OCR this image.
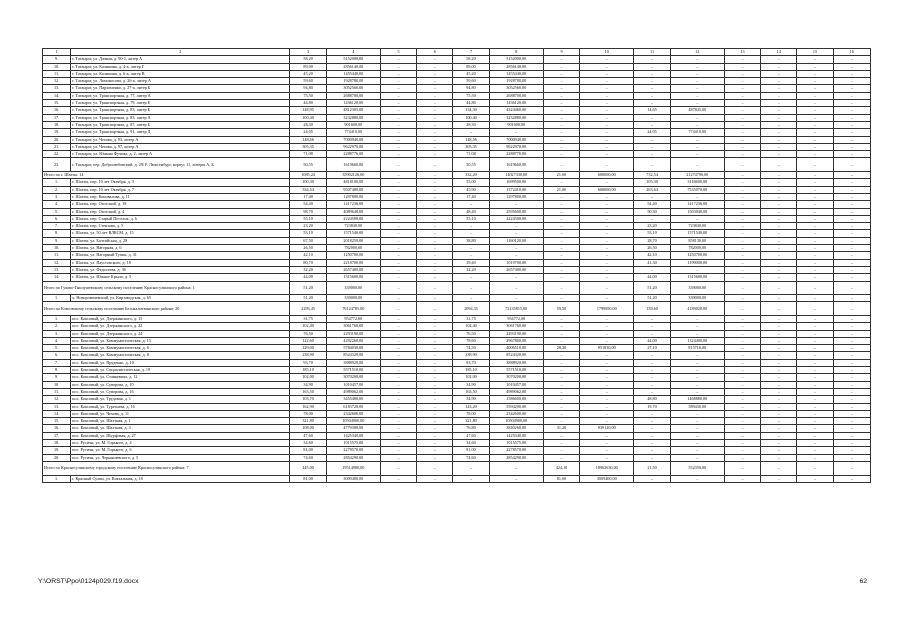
1	2	3	4	5	6	7	8	9	10	11	12	13	14	15	16
9.	г. Таганрог, ул. Дачная, д. 90-1, литер А	58,20	5152000,00	–	–	58,20	5152000,00	–	–	–	–	–	–	–	–
10.	г. Таганрог, ул. Калинина, д. 4-а, литер Г	89,00	2856140,00	–	–	89,00	2856140,00	–	–	–	–	–	–	–	–
11.	г. Таганрог, ул. Калинина, д. 6-а, литер В	45,20	1455440,00	–	–	45,20	1455440,00	–	–	–	–	–	–	–	–
12.	г. Таганрог, ул. Ломоносова, д. 26-а, литер А	59,60	1928780,00	–	–	59,60	1928780,00	–	–	–	–	–	–	–	–
13.	г. Таганрог, ул. Пархоменко, д. 27-а, литер Б	94,80	3052560,00	–	–	94,80	3052560,00	–	–	–	–	–	–	–	–
14.	г. Таганрог, ул. Транспортная, д. 77, литер А	75,50	2688700,00	–	–	75,50	2688700,00	–	–	–	–	–	–	–	–
15.	г. Таганрог, ул. Транспортная, д. 79, литер Е	44,80	1436120,00	–	–	44,80	1436120,00	–	–	–	–	–	–	–	–
16.	г. Таганрог, ул. Транспортная, д. 83, литер Б	148,95	4812305,00	–	–	134,30	4324460,00	–	–	14,65	487845,00	–	–	–	–
17.	г. Таганрог, ул. Транспортная, д. 83, литер А	100,40	3232880,00	–	–	100,40	3232880,00	–	–	–	–	–	–	–	–
18.	г. Таганрог, ул. Транспортная, д. 87, литер Б	28,30	901600,00	–	–	28,30	901600,00	–	–	–	–	–	–	–	–
19.	г. Таганрог, ул. Транспортная, д. 91, литер Д	24,05	774410,00	–	–	–	–	–	–	24,05	774410,00	–	–	–	–
20.	г. Таганрог, ул. Чехова, д. 93, литер А	148,56	7000940,00	–	–	148,56	7000940,00	–	–	–	–	–	–	–	–
21.	г. Таганрог, ул. Чехова, д. 97, литер А	305,35	9622970,00	–	–	305,35	9622970,00	–	–	–	–	–	–	–	–
22.	г. Таганрог, ул. Юнына Фучика, д. 2, литер А	71,08	2288776,00	–	–	71,08	2288776,00	–	–	–	–	–	–	–	–
23.	г. Таганрог, пер. Добролюбовский, д. 29/ Р. Люксембург, корпус 11, литеры А, Б	50,55	1619660,00	–	–	50,55	1619660,00	–	–	–	–	–	–	–	–
Итого по г. Шахты: 14		1085,24	35902126,00	–	–	332,20	14027330,00	21,00	600000,00	732,54	21274796,00	–	–	–	–
1.	г. Шахты, пер. 10 лет Октября, д. 3	100,30	4818100,00	–	–	55,00	1699500,00	–	–	105,30	3118600,00	–	–	–	–
2.	г. Шахты, пер. 10 лет Октября, д. 7	334,54	9507480,00	–	–	45,90	1372410,00	21,00	600000,00	263,64	7535070,00	–	–	–	–
3.	г. Шахты, пер. Коновалова, д. 11	17,40	1297800,00	–	–	17,40	1297800,00	–	–	–	–	–	–	–	–
4.	г. Шахты, пер. Охотский, д. 18	54,40	1417236,00	–	–	–	–	–	–	54,40	1417236,00	–	–	–	–
5.	г. Шахты, пер. Охотский, д. 4	98,70	4089640,00	–	–	48,40	2595600,00	–	–	50,30	1503040,00	–	–	–	–
6.	г. Шахты, пер. Старый Поселок, д. 6	55,10	2224500,00	–	–	55,10	2224500,00	–	–	–	–	–	–	–	–
7.	г. Шахты, пер. Стензова, д. 5	23,20	723840,00	–	–	–	–	–	–	23,20	723840,00	–	–	–	–
8.	г. Шахты, ул. 50 лет ВЛКСМ, д. 15	53,10	1571540,00	–	–	–	–	–	–	53,10	1571540,00	–	–	–	–
9.	г. Шахты, ул. Балтийская, д. 28	67,50	2018250,00	–	–	38,80	1160120,00	–	–	28,70	858130,00	–	–	–	–
10.	г. Шахты, ул. Нагорная, д. 6	26,50	782000,00	–	–	–	–	–	–	26,50	782000,00	–	–	–	–
11.	г. Шахты, ул. Нагорный Тупик, д. 31	42,10	1250700,00	–	–	–	–	–	–	42,10	1250700,00	–	–	–	–
12.	г. Шахты, ул. Паустовского, д. 18	80,70	2218700,00	–	–	39,40	1019700,00	–	–	41,30	1199000,00	–	–	–	–
13.	г. Шахты, ул. Федосеева, д. 36	32,20	2657400,00	–	–	32,20	2657400,00	–	–	–	–	–	–	–	–
14.	г. Шахты, ул. Южное Крыло, д. 5	44,00	1315600,00	–	–	–	–	–	–	44,00	1315600,00	–	–	–	–
Итого по Гуково-Гнилушевскому сельскому поселению Красносулинского района: 1		51,20	339000,00	–	–	–	–	–	–	51,20	339000,00	–	–	–	–
1.	х. Новоровеневский, ул. Кирзаводская, д. 65	51,20	339000,00	–	–	–	–	–	–	51,20	339000,00	–	–	–	–
Итого по Ковсовскому сельскому поселению Белокалитвинского района: 20		2293,45	76124785,00	–	–	2094,35	72135815,00	59,50	1799950,00	139,60	4189020,00	–	–	–	–
1.	пос. Коксовый, ул. Дзержинского, д. 15	31,75	954772,00	–	–	31,75	954772,00	–	–	–	–	–	–	–	–
2.	пос. Коксовый, ул. Дзержинского, д. 22	102,40	3061760,00	–	–	102,40	3061760,00	–	–	–	–	–	–	–	–
3.	пос. Коксовый, ул. Дзержинского, д. 24	76,50	2293190,00	–	–	76,50	2293190,00	–	–	–	–	–	–	–	–
4.	пос. Коксовый, ул. Коммунистическая, д. 15	122,60	4292260,00	–	–	78,60	2967860,00	–	–	44,00	1324400,00	–	–	–	–
5.	пос. Коксовый, ул. Коммунистическая, д. 6	129,00	5784030,00	–	–	74,50	4006510,00	28,30	951830,00	27,10	815710,00	–	–	–	–
6.	пос. Коксовый, ул. Коммунистическая, д. 8	238,90	8524320,00	–	–	238,90	8524320,00	–	–	–	–	–	–	–	–
7.	пос. Коксовый, ул. Пруденко, д. 10	93,70	3888920,00	–	–	93,70	3888920,00	–	–	–	–	–	–	–	–
8.	пос. Коксовый, ул. Социалистическая, д. 19	185,10	5571510,00	–	–	185,10	5571510,00	–	–	–	–	–	–	–	–
9.	пос. Коксовый, ул. Станкевича, д. 12	102,00	3070200,00	–	–	102,00	3070200,00	–	–	–	–	–	–	–	–
10.	пос. Коксовый, ул. Суворова, д. 10	34,90	1010457,00	–	–	34,90	1010457,00	–	–	–	–	–	–	–	–
11.	пос. Коксовый, ул. Суворова, д. 16	163,50	4989062,00	–	–	163,50	4989062,00	–	–	–	–	–	–	–	–
12.	пос. Коксовый, ул. Трудовая, д. 1	103,70	3455480,00	–	–	54,90	1586600,00	–	–	48,80	1468880,00	–	–	–	–
13.	пос. Коксовый, ул. Тургенева, д. 16	162,90	6183720,00	–	–	143,20	5594290,00	–	–	19,70	589430,00	–	–	–	–
14.	пос. Коксовый, ул. Чехова, д. 11	78,00	2342600,00	–	–	78,00	2342600,00	–	–	–	–	–	–	–	–
15.	пос. Коксовый, ул. Шахтная, д. 1	321,80	10504900,00	–	–	321,80	10504900,00	–	–	–	–	–	–	–	–
16.	пос. Коксовый, ул. Шахтная, д. 3	108,00	4779380,00	–	–	76,80	3840260,00	31,20	939120,00	–	–	–	–	–	–
17.	пос. Коксовый, ул. Шурфовая, д. 27	47,60	1425340,00	–	–	47,60	1425340,00	–	–	–	–	–	–	–	–
18.	пос. Русичи, ул. М. Горького, д. 4	34,60	1015575,00	–	–	34,60	1015575,00	–	–	–	–	–	–	–	–
19.	пос. Русичи, ул. М. Горького, д. 6	81,00	2278570,00	–	–	81,00	2278570,00	–	–	–	–	–	–	–	–
20.	пос. Русичи, ул. Чернышевского, д. 5	74,60	2854290,00	–	–	74,60	2854290,00	–	–	–	–	–	–	–	–
Итого по Красносулинскому городскому поселению Красносулинского района: 7		445,00	19514980,00	–	–	–	–	424,10	18962630,00	21,50	552350,00	–	–	–	–
1.	г. Красный Сулин, ул. Вокзальная, д. 18	81,00	3009400,00	–	–	–	–	81,00	3009400,00	–	–	–	–	–	–
Y:\ORST\Ppo\0124p029.f19.docx	62
